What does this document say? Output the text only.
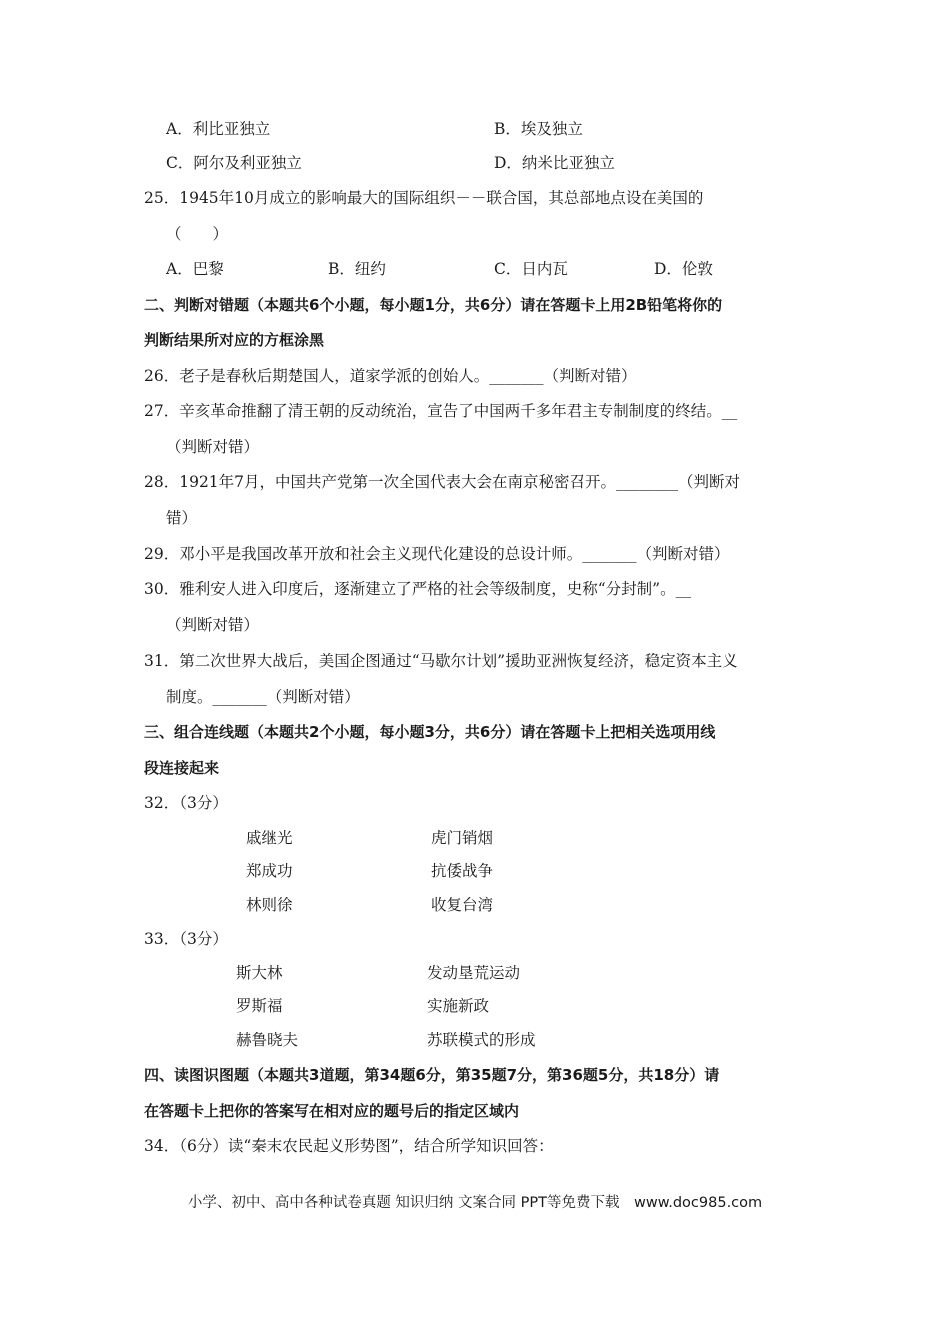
A．利比亚独立	B．埃及独立
C．阿尔及利亚独立	D．纳米比亚独立
25．1945年10月成立的影响最大的国际组织－－联合国，其总部地点设在美国的
（　　）
A．巴黎	B．纽约	C．日内瓦	D．伦敦
二、判断对错题（本题共6个小题，每小题1分，共6分）请在答题卡上用2B铅笔将你的
判断结果所对应的方框涂黑
26．老子是春秋后期楚国人，道家学派的创始人。_______（判断对错）
27．辛亥革命推翻了清王朝的反动统治，宣告了中国两千多年君主专制制度的终结。__
（判断对错）
28．1921年7月，中国共产党第一次全国代表大会在南京秘密召开。________（判断对
错）
29．邓小平是我国改革开放和社会主义现代化建设的总设计师。_______（判断对错）
30．雅利安人进入印度后，逐渐建立了严格的社会等级制度，史称“分封制”。__
（判断对错）
31．第二次世界大战后，美国企图通过“马歇尔计划”援助亚洲恢复经济，稳定资本主义
制度。_______（判断对错）
三、组合连线题（本题共2个小题，每小题3分，共6分）请在答题卡上把相关选项用线
段连接起来
32．（3分）
戚继光	虎门销烟
郑成功	抗倭战争
林则徐	收复台湾
33．（3分）
斯大林	发动垦荒运动
罗斯福	实施新政
赫鲁晓夫	苏联模式的形成
四、读图识图题（本题共3道题，第34题6分，第35题7分，第36题5分，共18分）请
在答题卡上把你的答案写在相对应的题号后的指定区域内
34．（6分）读“秦末农民起义形势图”，结合所学知识回答：
小学、初中、高中各种试卷真题 知识归纳 文案合同 PPT等免费下载　www.doc985.com
